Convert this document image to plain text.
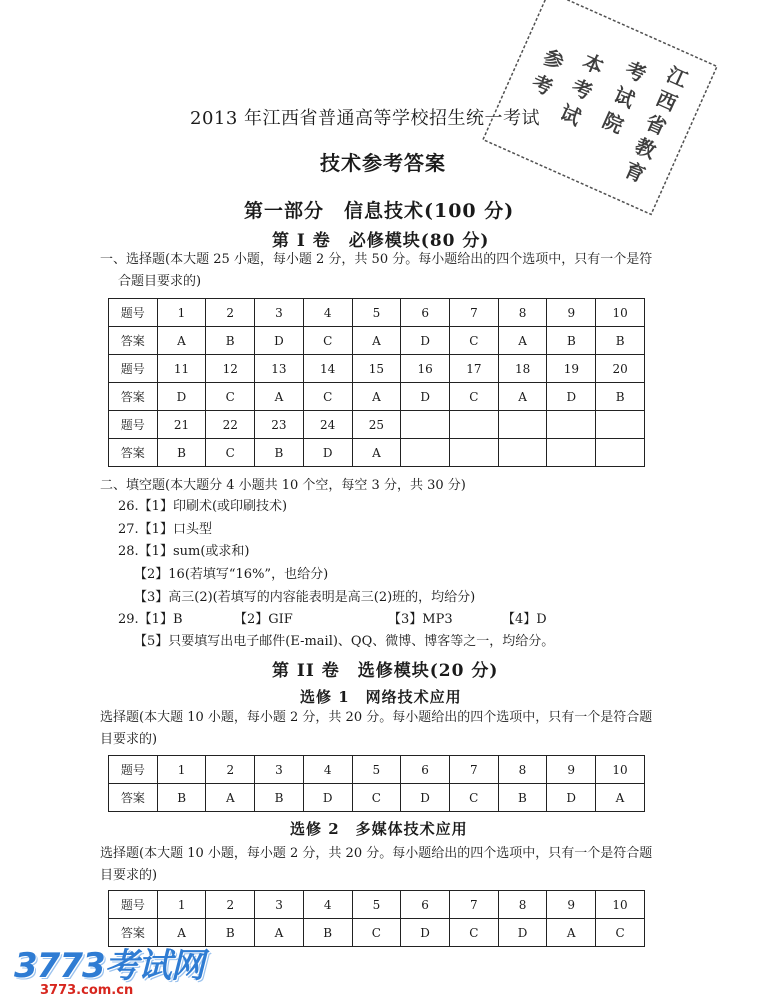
江
西
省
教
育
考
试
院
本
考
试
参
考
2013 年江西省普通高等学校招生统一考试
技术参考答案
第一部分　信息技术(100 分)
第 I 卷　必修模块(80 分)
一、选择题(本大题 25 小题，每小题 2 分，共 50 分。每小题给出的四个选项中，只有一个是符
合题目要求的)
题号	1	2	3	4	5	6	7	8	9	10
答案	A	B	D	C	A	D	C	A	B	B
题号	11	12	13	14	15	16	17	18	19	20
答案	D	C	A	C	A	D	C	A	D	B
题号	21	22	23	24	25					
答案	B	C	B	D	A					
二、填空题(本大题分 4 小题共 10 个空，每空 3 分，共 30 分)
26.【1】印刷术(或印刷技术)
27.【1】口头型
28.【1】sum(或求和)
【2】16(若填写“16%”，也给分)
【3】高三(2)(若填写的内容能表明是高三(2)班的，均给分)
29.【1】B	【2】GIF	【3】MP3	【4】D
【5】只要填写出电子邮件(E-mail)、QQ、微博、博客等之一，均给分。
第 II 卷　选修模块(20 分)
选修 1　网络技术应用
选择题(本大题 10 小题，每小题 2 分，共 20 分。每小题给出的四个选项中，只有一个是符合题
目要求的)
题号	1	2	3	4	5	6	7	8	9	10
答案	B	A	B	D	C	D	C	B	D	A
选修 2　多媒体技术应用
选择题(本大题 10 小题，每小题 2 分，共 20 分。每小题给出的四个选项中，只有一个是符合题
目要求的)
题号	1	2	3	4	5	6	7	8	9	10
答案	A	B	A	B	C	D	C	D	A	C
3773考试网
3773.com.cn
